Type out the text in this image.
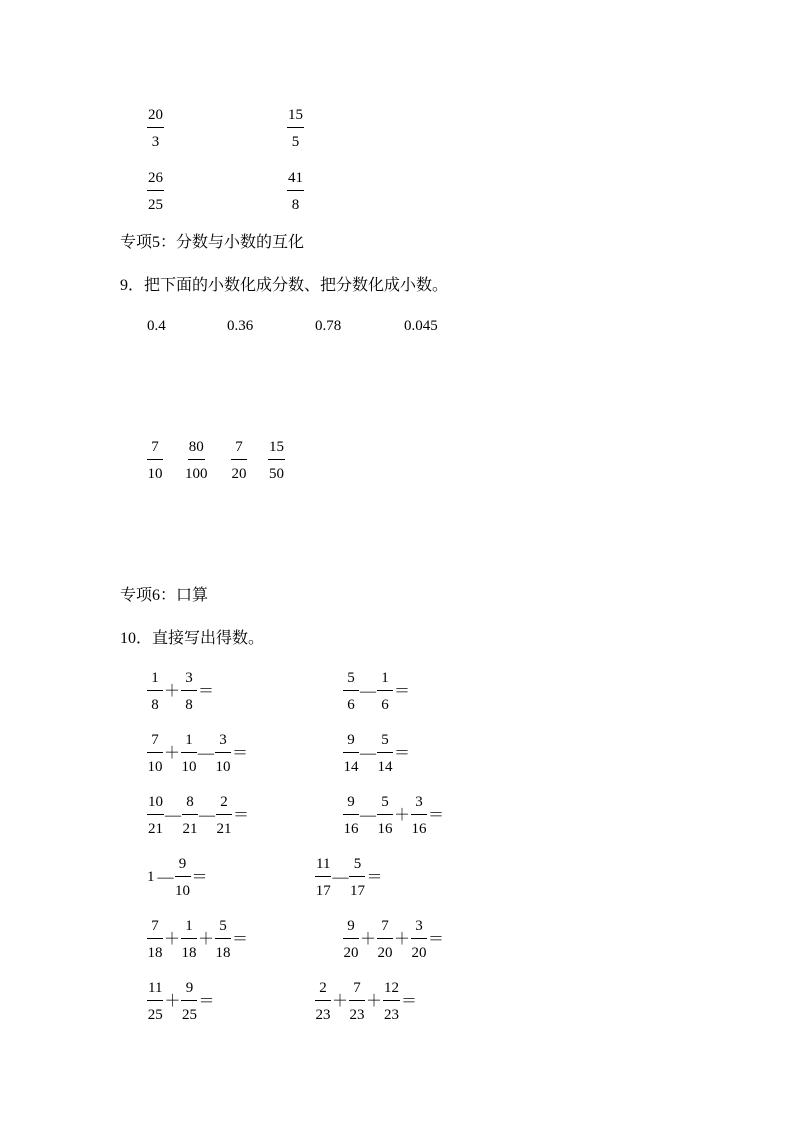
$\frac{20}{3}$	$\frac{15}{5}$
$\frac{26}{25}$	$\frac{41}{8}$
专项5：分数与小数的互化
9．把下面的小数化成分数、把分数化成小数。
0.4	0.36	0.78	0.045
$\frac{7}{10} \frac{80}{100} \frac{7}{20} \frac{15}{50}$
专项6：口算
10．直接写出得数。
$\frac{1}{8} + \frac{3}{8}$ ＝	$\frac{5}{6}$ — $\frac{1}{6}$ ＝
$\frac{7}{10} + \frac{1}{10}$ — $\frac{3}{10}$ ＝	$\frac{9}{14}$ — $\frac{5}{14}$ ＝
$\frac{10}{21}$ — $\frac{8}{21}$ — $\frac{2}{21}$ ＝	$\frac{9}{16}$ — $\frac{5}{16} + \frac{3}{16}$ ＝
1 — $\frac{9}{10}$ ＝	$\frac{11}{17}$ — $\frac{5}{17}$ ＝
$\frac{7}{18} + \frac{1}{18} + \frac{5}{18}$ ＝	$\frac{9}{20} + \frac{7}{20} + \frac{3}{20}$ ＝
$\frac{11}{25} + \frac{9}{25}$ ＝	$\frac{2}{23} + \frac{7}{23} + \frac{12}{23}$ ＝
